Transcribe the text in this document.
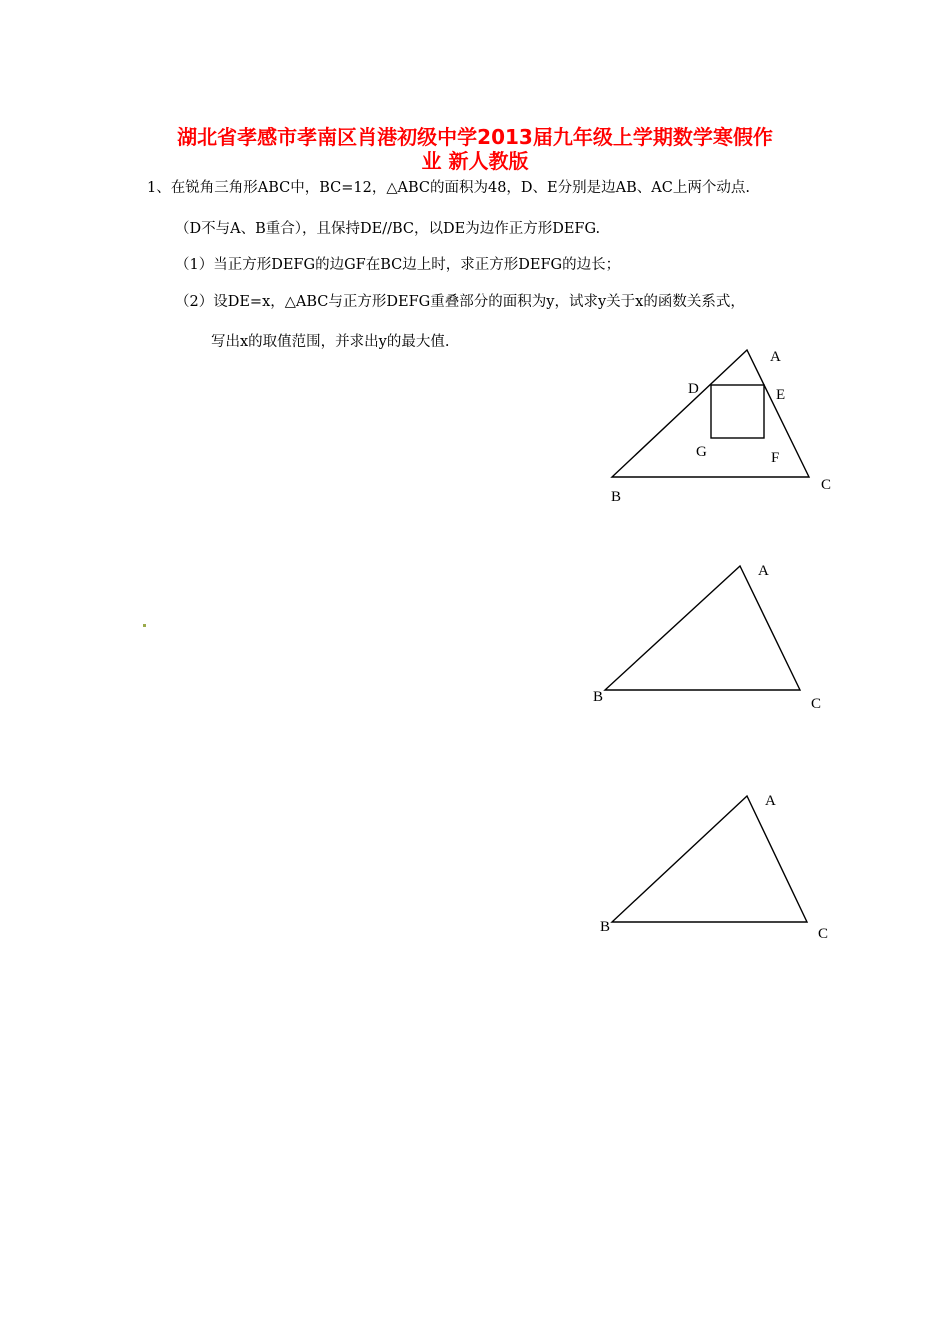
湖北省孝感市孝南区肖港初级中学2013届九年级上学期数学寒假作
业 新人教版

1、在锐角三角形ABC中，BC=12，△ABC的面积为48，D、E分别是边AB、AC上两个动点.

（D不与A、B重合），且保持DE//BC，以DE为边作正方形DEFG.

（1）当正方形DEFG的边GF在BC边上时，求正方形DEFG的边长；

（2）设DE=x，△ABC与正方形DEFG重叠部分的面积为y，试求y关于x的函数关系式，

写出x的取值范围，并求出y的最大值.

A
D	E
G	F
B
C
A
B	C
A
B	C
